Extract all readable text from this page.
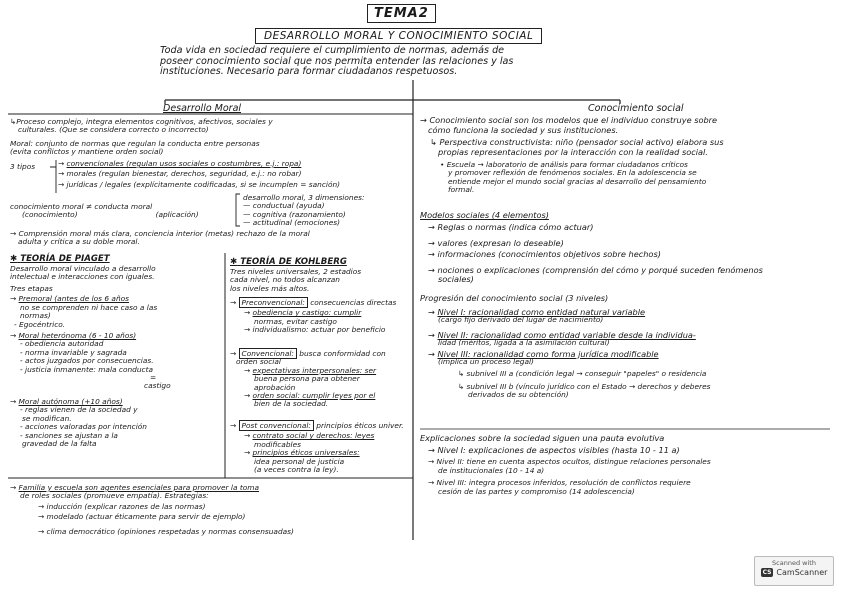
TEMA2
DESARROLLO MORAL Y CONOCIMIENTO SOCIAL
Toda vida en sociedad requiere el cumplimiento de normas, además de
poseer conocimiento social que nos permita entender las relaciones y las
instituciones. Necesario para formar ciudadanos respetuosos.
Desarrollo Moral
↳Proceso complejo, integra elementos cognitivos, afectivos, sociales y
culturales. (Que se considera correcto o incorrecto)
Moral: conjunto de normas que regulan la conducta entre personas
(evita conflictos y mantiene orden social)
3 tipos	→ convencionales (regulan usos sociales o costumbres, e.j.: ropa)
→ morales (regulan bienestar, derechos, seguridad, e.j.: no robar)
→ jurídicas / legales (explícitamente codificadas, si se incumplen = sanción)
conocimiento moral ≠ conducta moral
(conocimiento)	(aplicación)
desarrollo moral, 3 dimensiones:
— conductual (ayuda)
— cognitiva (razonamiento)
— actitudinal (emociones)
→ Comprensión moral más clara, conciencia interior (metas) rechazo de la moral
adulta y crítica a su doble moral.
✱ TEORÍA DE PIAGET
Desarrollo moral vinculado a desarrollo
intelectual e interacciones con iguales.
Tres etapas
→ Premoral (antes de los 6 años
no se comprenden ni hace caso a las
normas)
- Egocéntrico.
→ Moral heterónoma (6 - 10 años)
- obediencia autoridad
- norma invariable y sagrada
- actos juzgados por consecuencias.
- justicia inmanente: mala conducta
=
castigo
→ Moral autónoma (+10 años)
- reglas vienen de la sociedad y
se modifican.
- acciones valoradas por intención
- sanciones se ajustan a la
gravedad de la falta
✱ TEORÍA DE KOHLBERG
Tres niveles universales, 2 estadios
cada nivel, no todos alcanzan
los niveles más altos.
→ Preconvencional: consecuencias directas
→ obediencia y castigo: cumplir
normas, evitar castigo
→ individualismo: actuar por beneficio
→ Convencional: busca conformidad con
orden social
→ expectativas interpersonales: ser
buena persona para obtener
aprobación
→ orden social: cumplir leyes por el
bien de la sociedad.
→ Post convencional: principios éticos univer.
→ contrato social y derechos: leyes
modificables
→ principios éticos universales:
idea personal de justicia
(a veces contra la ley).
→ Familia y escuela son agentes esenciales para promover la toma
de roles sociales (promueve empatía). Estrategias:
→ inducción (explicar razones de las normas)
→ modelado (actuar éticamente para servir de ejemplo)
→ clima democrático (opiniones respetadas y normas consensuadas)
Conocimiento social
→ Conocimiento social son los modelos que el individuo construye sobre
cómo funciona la sociedad y sus instituciones.
↳ Perspectiva constructivista: niño (pensador social activo) elabora sus
propias representaciones por la interacción con la realidad social.
• Escuela → laboratorio de análisis para formar ciudadanos críticos
y promover reflexión de fenómenos sociales. En la adolescencia se
entiende mejor el mundo social gracias al desarrollo del pensamiento
formal.
Modelos sociales (4 elementos)
→ Reglas o normas (indica cómo actuar)
→ valores (expresan lo deseable)
→ informaciones (conocimientos objetivos sobre hechos)
→ nociones o explicaciones (comprensión del cómo y porqué suceden fenómenos
sociales)
Progresión del conocimiento social (3 niveles)
→ Nivel I: racionalidad como entidad natural variable
(cargo fijo derivado del lugar de nacimiento)
→ Nivel II: racionalidad como entidad variable desde la individua-
lidad (méritos, ligada a la asimilación cultural)
→ Nivel III: racionalidad como forma jurídica modificable
(implica un proceso legal)
↳ subnivel III a (condición legal → conseguir "papeles" o residencia
↳ subnivel III b (vínculo jurídico con el Estado → derechos y deberes
derivados de su obtención)
Explicaciones sobre la sociedad siguen una pauta evolutiva
→ Nivel I: explicaciones de aspectos visibles (hasta 10 - 11 a)
→ Nivel II: tiene en cuenta aspectos ocultos, distingue relaciones personales
de institucionales (10 - 14 a)
→ Nivel III: integra procesos inferidos, resolución de conflictos requiere
cesión de las partes y compromiso (14 adolescencia)
Scanned with
CS CamScanner
